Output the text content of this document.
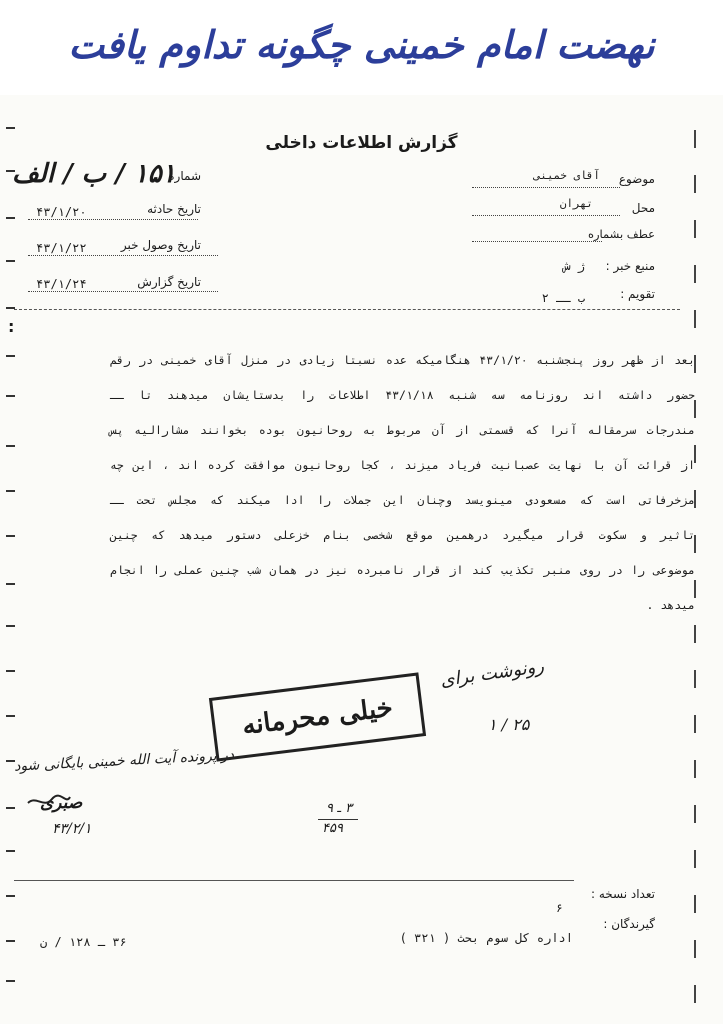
نهضت امام خمینی چگونه تداوم یافت
گزارش اطلاعات داخلی
موضوع
آقای خمینی
محل
تهران
عطف بشماره
منبع خبر :
ژ ش
تقویم :
ب ــ ۲
شماره
۱۵۱ / ب / الف
تاریخ حادثه
۴۳/۱/۲۰
تاریخ وصول خبر
۴۳/۱/۲۲
تاریخ گزارش
۴۳/۱/۲۴
:
بعد از ظهر روز پنجشنبه ۴۳/۱/۲۰ هنگامیکه عده نسبتا زیادی در منزل آقای خمینی در رقم
حضور داشته اند روزنامه سه شنبه ۴۳/۱/۱۸ اطلاعات را بدستایشان میدهند تا ــ
مندرجات سرمقاله آنرا که قسمتی از آن مربوط به روحانیون بوده بخوانند مشارالیه پس
از قرائت آن با نهایت عصبانیت فریاد میزند ، کجا روحانیون موافقت کرده اند ، این چه
مزخرفاتی است که مسعودی مینویسد وچنان این جملات را ادا میکند که مجلس تحت ــ
تاثیر و سکوت قرار میگیرد درهمین موقع شخصی بنام خزعلی دستور میدهد که چنین
موضوعی را در روی منبر تکذیب کند از قرار نامبرده نیز در همان شب چنین عملی را انجام
میدهد .
رونوشت برای
۲۵ / ۱
در پرونده آیت الله خمینی بایگانی شود
صبری
۴۳/۲/۱
۳ ـ ۹
۴۵۹
خیلی محرمانه
تعداد نسخه :
۶
گیرندگان :
اداره کل سوم بحث ( ۳۲۱ )
۳۶ ـ ۱۲۸ / ن
